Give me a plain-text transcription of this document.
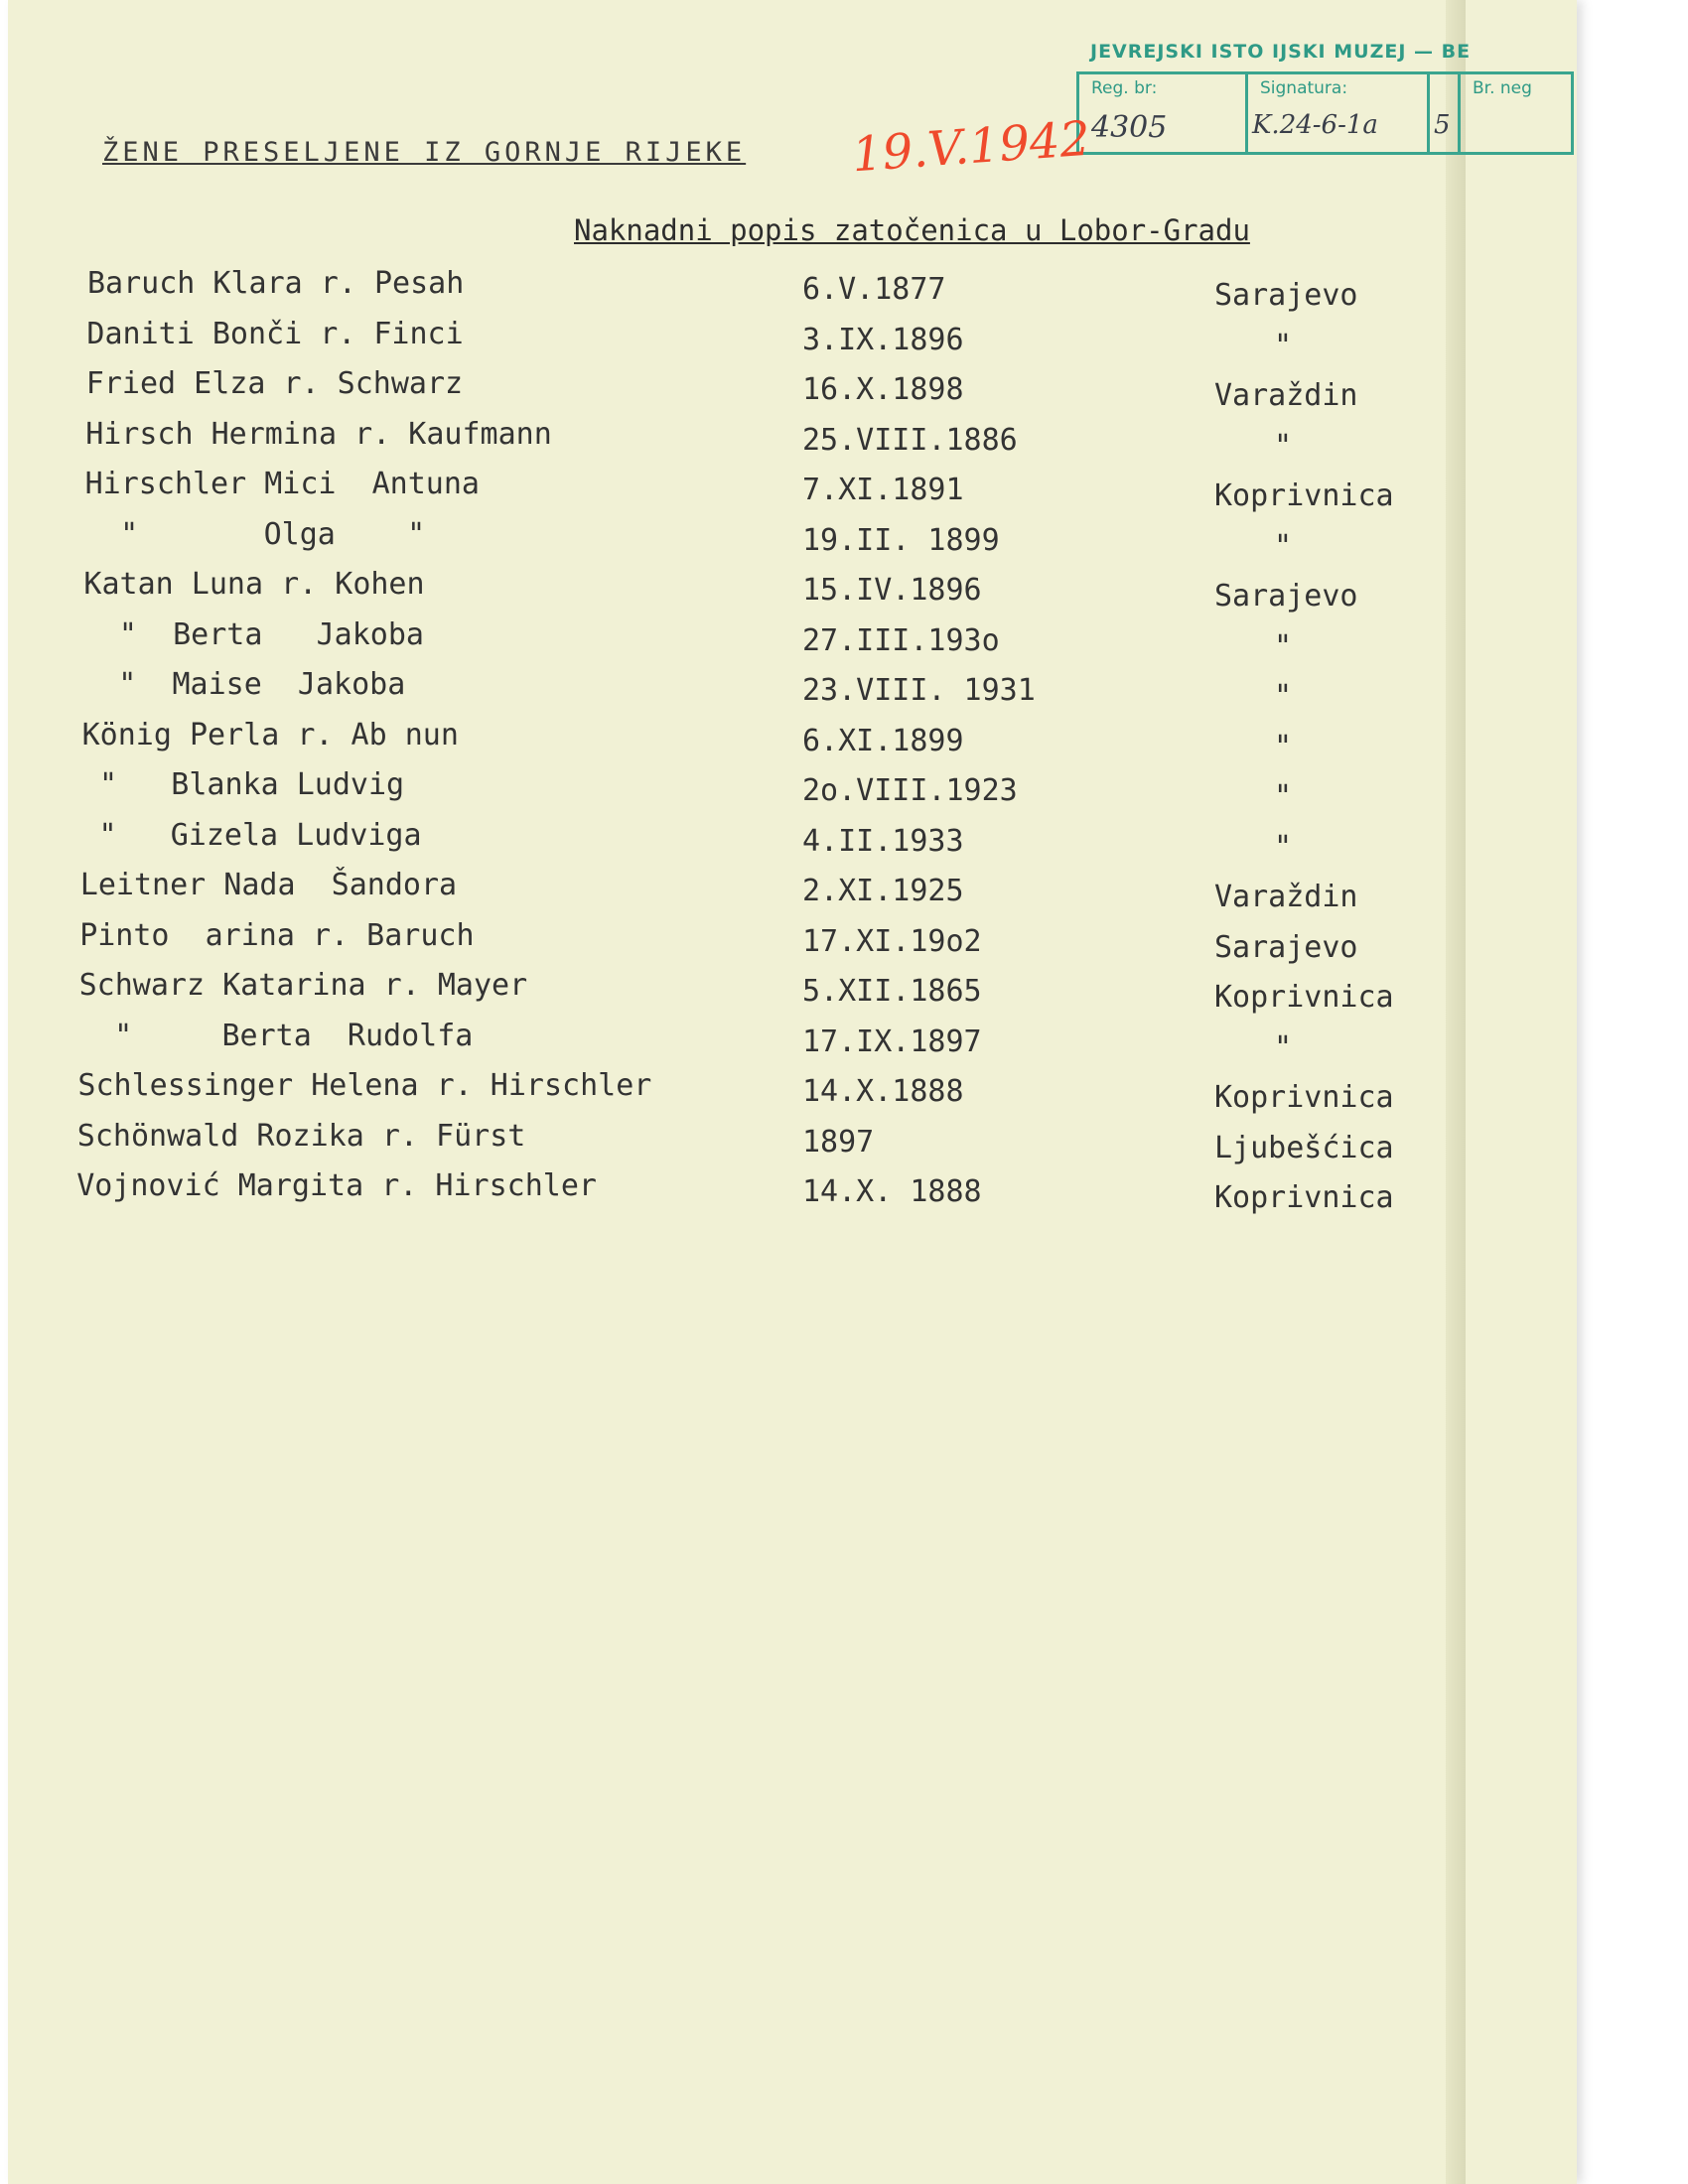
JEVREJSKI ISTO IJSKI MUZEJ — BE
Reg. br:
4305
Signatura:
K.24-6-1a 5
Br. neg
ŽENE PRESELJENE IZ GORNJE RIJEKE 19.V.1942
Naknadni popis zatočenica u Lobor-Gradu
Baruch Klara r. Pesah	6.V.1877	Sarajevo
Daniti Bonči r. Finci	3.IX.1896	"
Fried Elza r. Schwarz	16.X.1898	Varaždin
Hirsch Hermina r. Kaufmann	25.VIII.1886	"
Hirschler Mici  Antuna	7.XI.1891	Koprivnica
"       Olga    "	19.II. 1899	"
Katan Luna r. Kohen	15.IV.1896	Sarajevo
"  Berta   Jakoba	27.III.193o	"
"  Maise  Jakoba	23.VIII. 1931	"
König Perla r. Ab nun	6.XI.1899	"
"   Blanka Ludvig	2o.VIII.1923	"
"   Gizela Ludviga	4.II.1933	"
Leitner Nada  Šandora	2.XI.1925	Varaždin
Pinto  arina r. Baruch	17.XI.19o2	Sarajevo
Schwarz Katarina r. Mayer	5.XII.1865	Koprivnica
"     Berta  Rudolfa	17.IX.1897	"
Schlessinger Helena r. Hirschler	14.X.1888	Koprivnica
Schönwald Rozika r. Fürst	1897	Ljubešćica
Vojnović Margita r. Hirschler	14.X. 1888	Koprivnica
